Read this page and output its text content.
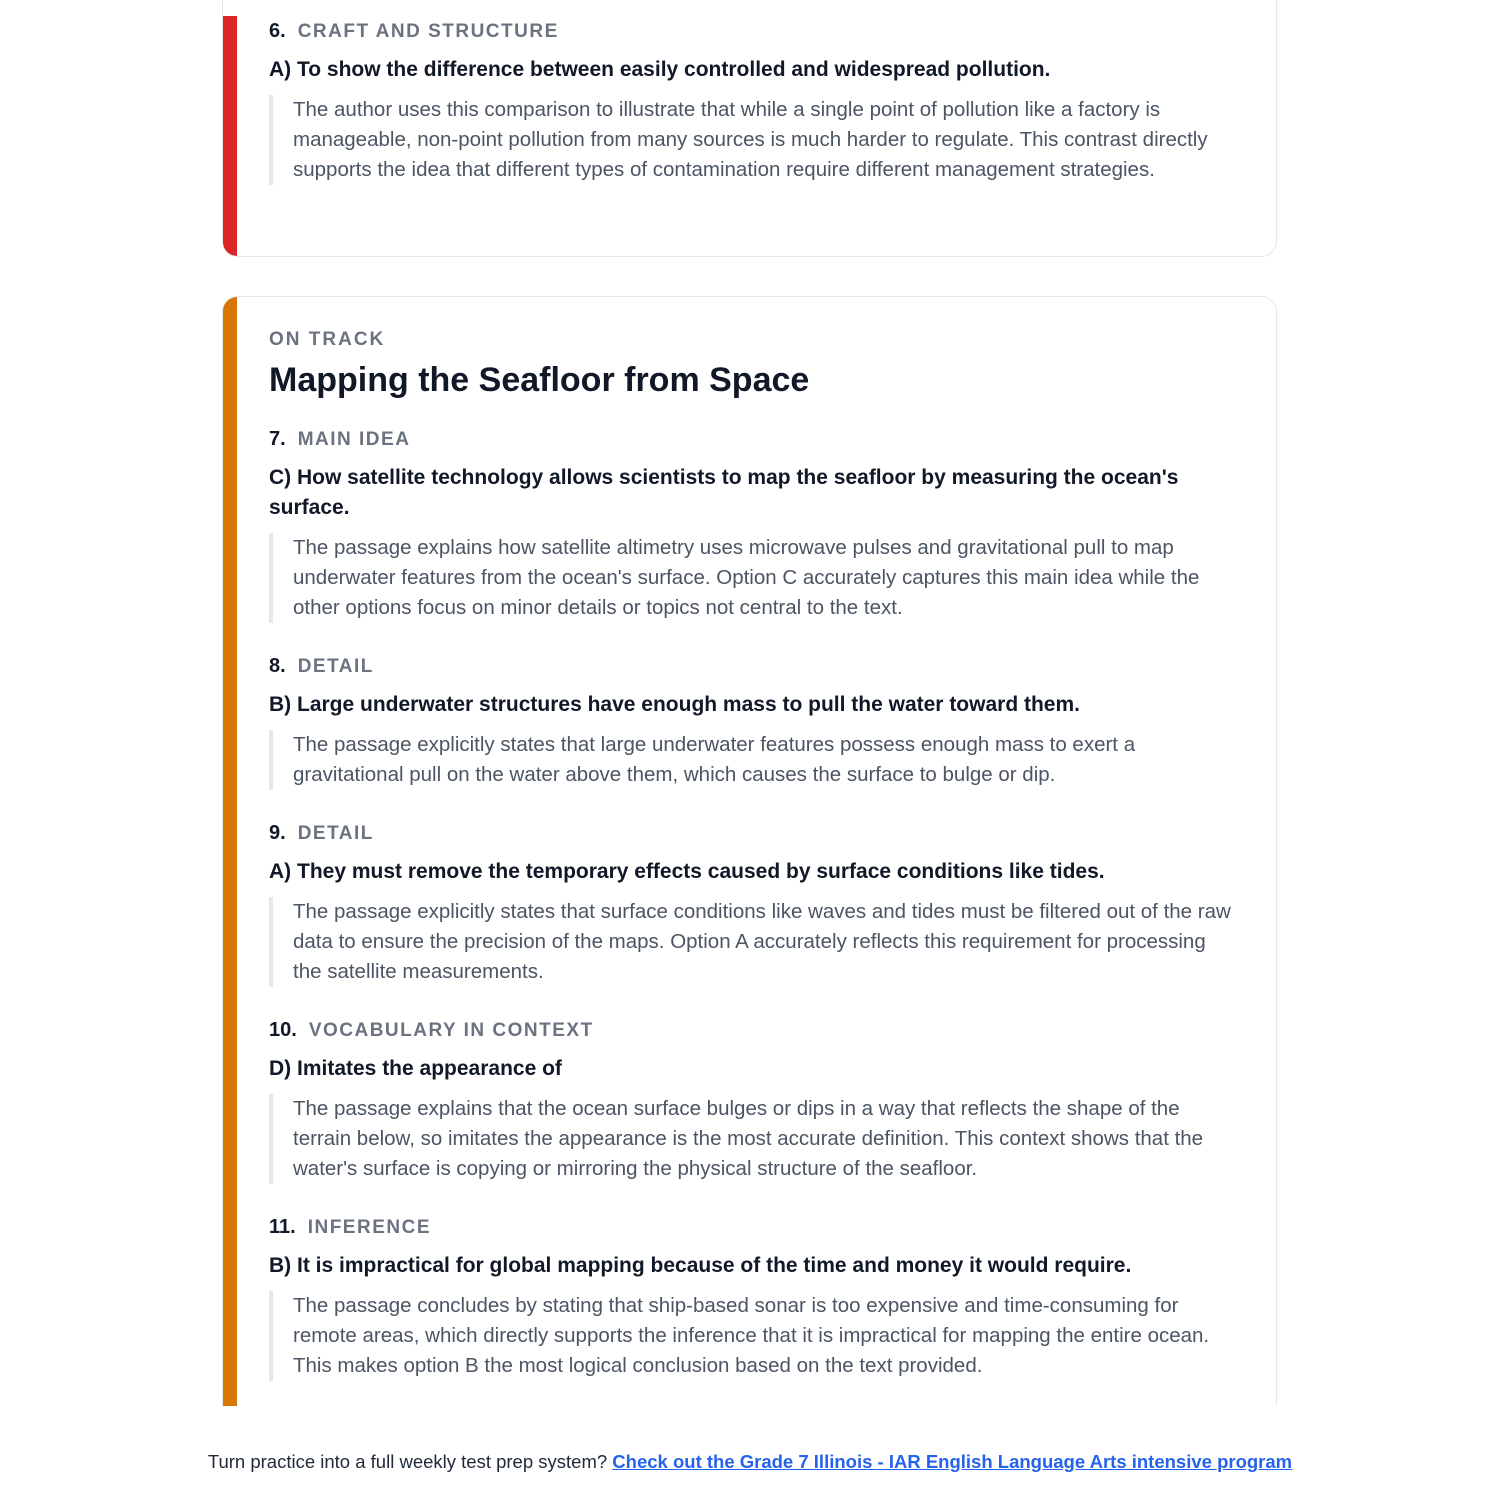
6. CRAFT AND STRUCTURE

A) To show the difference between easily controlled and widespread pollution.

The author uses this comparison to illustrate that while a single point of pollution like a factory is manageable, non-point pollution from many sources is much harder to regulate. This contrast directly supports the idea that different types of contamination require different management strategies.

ON TRACK

Mapping the Seafloor from Space
7. MAIN IDEA

C) How satellite technology allows scientists to map the seafloor by measuring the ocean's surface.

The passage explains how satellite altimetry uses microwave pulses and gravitational pull to map underwater features from the ocean's surface. Option C accurately captures this main idea while the other options focus on minor details or topics not central to the text.
8. DETAIL

B) Large underwater structures have enough mass to pull the water toward them.

The passage explicitly states that large underwater features possess enough mass to exert a gravitational pull on the water above them, which causes the surface to bulge or dip.
9. DETAIL

A) They must remove the temporary effects caused by surface conditions like tides.

The passage explicitly states that surface conditions like waves and tides must be filtered out of the raw data to ensure the precision of the maps. Option A accurately reflects this requirement for processing the satellite measurements.
10. VOCABULARY IN CONTEXT

D) Imitates the appearance of

The passage explains that the ocean surface bulges or dips in a way that reflects the shape of the terrain below, so imitates the appearance is the most accurate definition. This context shows that the water's surface is copying or mirroring the physical structure of the seafloor.
11. INFERENCE

B) It is impractical for global mapping because of the time and money it would require.

The passage concludes by stating that ship-based sonar is too expensive and time-consuming for remote areas, which directly supports the inference that it is impractical for mapping the entire ocean. This makes option B the most logical conclusion based on the text provided.
Turn practice into a full weekly test prep system? Check out the Grade 7 Illinois - IAR English Language Arts intensive program
